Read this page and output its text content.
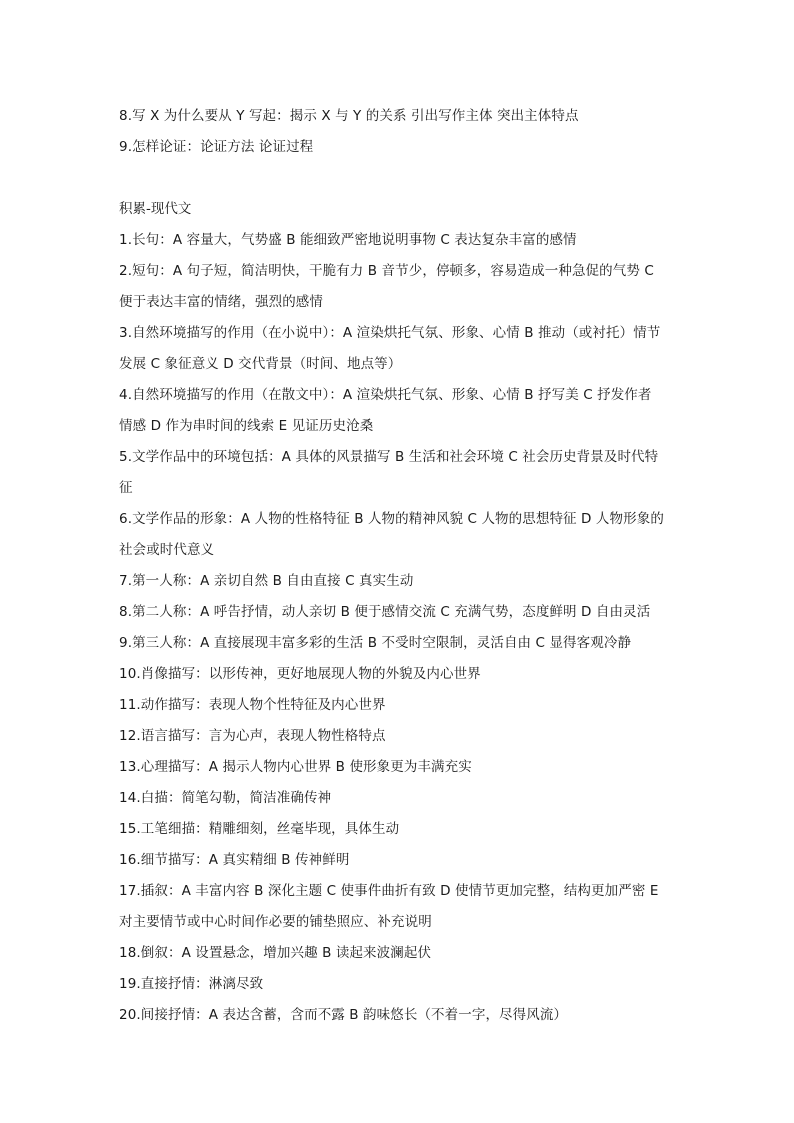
8.写 X 为什么要从 Y 写起：揭示 X 与 Y 的关系 引出写作主体 突出主体特点
9.怎样论证：论证方法 论证过程
积累-现代文
1.长句：A 容量大，气势盛 B 能细致严密地说明事物 C 表达复杂丰富的感情
2.短句：A 句子短，简洁明快，干脆有力 B 音节少，停顿多，容易造成一种急促的气势 C
便于表达丰富的情绪，强烈的感情
3.自然环境描写的作用（在小说中）：A 渲染烘托气氛、形象、心情 B 推动（或衬托）情节
发展 C 象征意义 D 交代背景（时间、地点等）
4.自然环境描写的作用（在散文中）：A 渲染烘托气氛、形象、心情 B 抒写美 C 抒发作者
情感 D 作为串时间的线索 E 见证历史沧桑
5.文学作品中的环境包括：A 具体的风景描写 B 生活和社会环境 C 社会历史背景及时代特
征
6.文学作品的形象：A 人物的性格特征 B 人物的精神风貌 C 人物的思想特征 D 人物形象的
社会或时代意义
7.第一人称：A 亲切自然 B 自由直接 C 真实生动
8.第二人称：A 呼告抒情，动人亲切 B 便于感情交流 C 充满气势，态度鲜明 D 自由灵活
9.第三人称：A 直接展现丰富多彩的生活 B 不受时空限制，灵活自由 C 显得客观冷静
10.肖像描写：以形传神，更好地展现人物的外貌及内心世界
11.动作描写：表现人物个性特征及内心世界
12.语言描写：言为心声，表现人物性格特点
13.心理描写：A 揭示人物内心世界 B 使形象更为丰满充实
14.白描：简笔勾勒，简洁准确传神
15.工笔细描：精雕细刻，丝毫毕现，具体生动
16.细节描写：A 真实精细 B 传神鲜明
17.插叙：A 丰富内容 B 深化主题 C 使事件曲折有致 D 使情节更加完整，结构更加严密 E
对主要情节或中心时间作必要的铺垫照应、补充说明
18.倒叙：A 设置悬念，增加兴趣 B 读起来波澜起伏
19.直接抒情：淋漓尽致
20.间接抒情：A 表达含蓄，含而不露 B 韵味悠长（不着一字，尽得风流）
